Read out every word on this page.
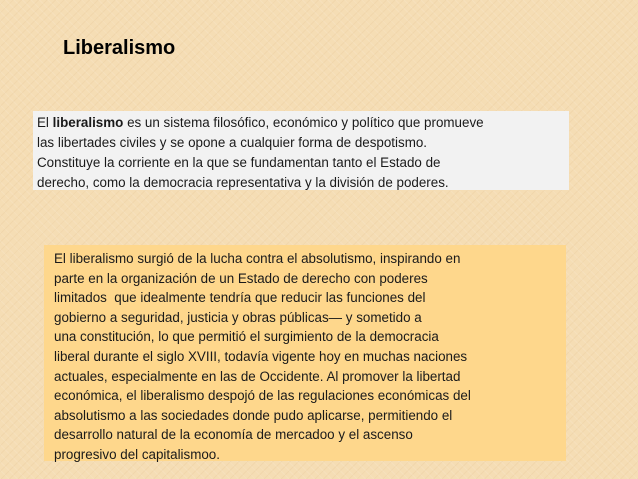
Liberalismo
El liberalismo es un sistema filosófico, económico y político que promueve
las libertades civiles y se opone a cualquier forma de despotismo.
Constituye la corriente en la que se fundamentan tanto el Estado de
derecho, como la democracia representativa y la división de poderes.
El liberalismo surgió de la lucha contra el absolutismo, inspirando en
parte en la organización de un Estado de derecho con poderes
limitados  que idealmente tendría que reducir las funciones del
gobierno a seguridad, justicia y obras públicas— y sometido a
una constitución, lo que permitió el surgimiento de la democracia
liberal durante el siglo XVIII, todavía vigente hoy en muchas naciones
actuales, especialmente en las de Occidente. Al promover la libertad
económica, el liberalismo despojó de las regulaciones económicas del
absolutismo a las sociedades donde pudo aplicarse, permitiendo el
desarrollo natural de la economía de mercadoo y el ascenso
progresivo del capitalismoo.
